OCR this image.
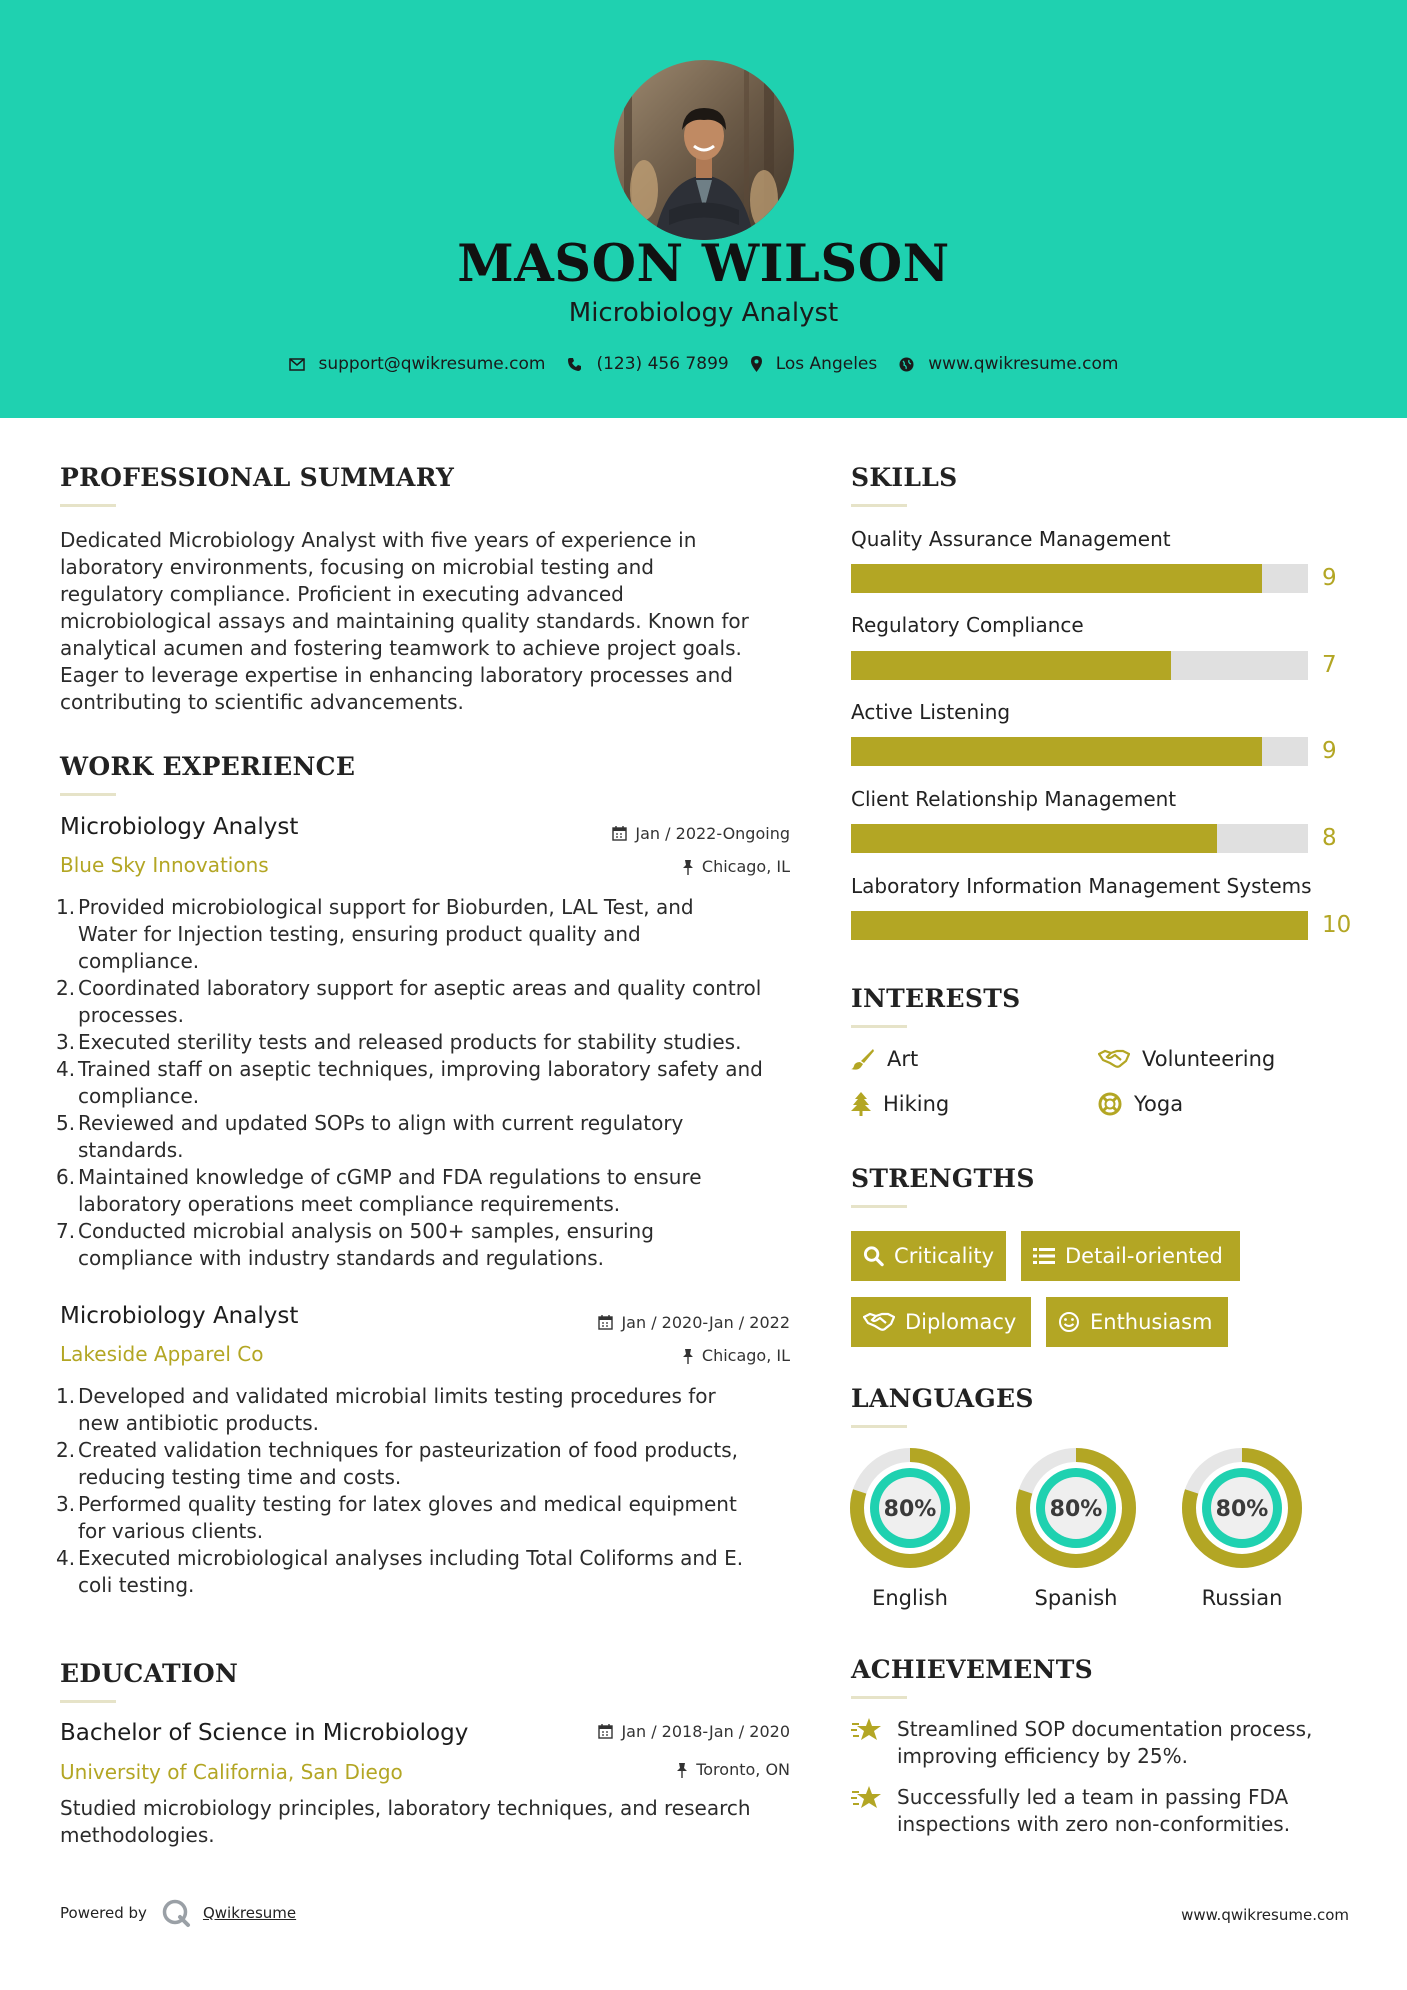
MASON WILSON
Microbiology Analyst
support@qwikresume.com	(123) 456 7899	Los Angeles	www.qwikresume.com
PROFESSIONAL SUMMARY
Dedicated Microbiology Analyst with five years of experience in
laboratory environments, focusing on microbial testing and
regulatory compliance. Proficient in executing advanced
microbiological assays and maintaining quality standards. Known for
analytical acumen and fostering teamwork to achieve project goals.
Eager to leverage expertise in enhancing laboratory processes and
contributing to scientific advancements.
WORK EXPERIENCE
Microbiology Analyst
Blue Sky Innovations
Jan / 2022-Ongoing
Chicago, IL
1. Provided microbiological support for Bioburden, LAL Test, and
Water for Injection testing, ensuring product quality and
compliance.
2. Coordinated laboratory support for aseptic areas and quality control
processes.
3. Executed sterility tests and released products for stability studies.
4. Trained staff on aseptic techniques, improving laboratory safety and
compliance.
5. Reviewed and updated SOPs to align with current regulatory
standards.
6. Maintained knowledge of cGMP and FDA regulations to ensure
laboratory operations meet compliance requirements.
7. Conducted microbial analysis on 500+ samples, ensuring
compliance with industry standards and regulations.
Microbiology Analyst
Lakeside Apparel Co
Jan / 2020-Jan / 2022
Chicago, IL
1. Developed and validated microbial limits testing procedures for
new antibiotic products.
2. Created validation techniques for pasteurization of food products,
reducing testing time and costs.
3. Performed quality testing for latex gloves and medical equipment
for various clients.
4. Executed microbiological analyses including Total Coliforms and E.
coli testing.
EDUCATION
Bachelor of Science in Microbiology
University of California, San Diego
Jan / 2018-Jan / 2020
Toronto, ON
Studied microbiology principles, laboratory techniques, and research
methodologies.
SKILLS
Quality Assurance Management
9
Regulatory Compliance
7
Active Listening
9
Client Relationship Management
8
Laboratory Information Management Systems
10
INTERESTS
Art	Volunteering
Hiking	Yoga
STRENGTHS
Criticality	Detail-oriented
Diplomacy	Enthusiasm
LANGUAGES
80%
English
80%
Spanish
80%
Russian
ACHIEVEMENTS
Streamlined SOP documentation process,
improving efficiency by 25%.
Successfully led a team in passing FDA
inspections with zero non-conformities.
Powered by	Qwikresume	www.qwikresume.com
